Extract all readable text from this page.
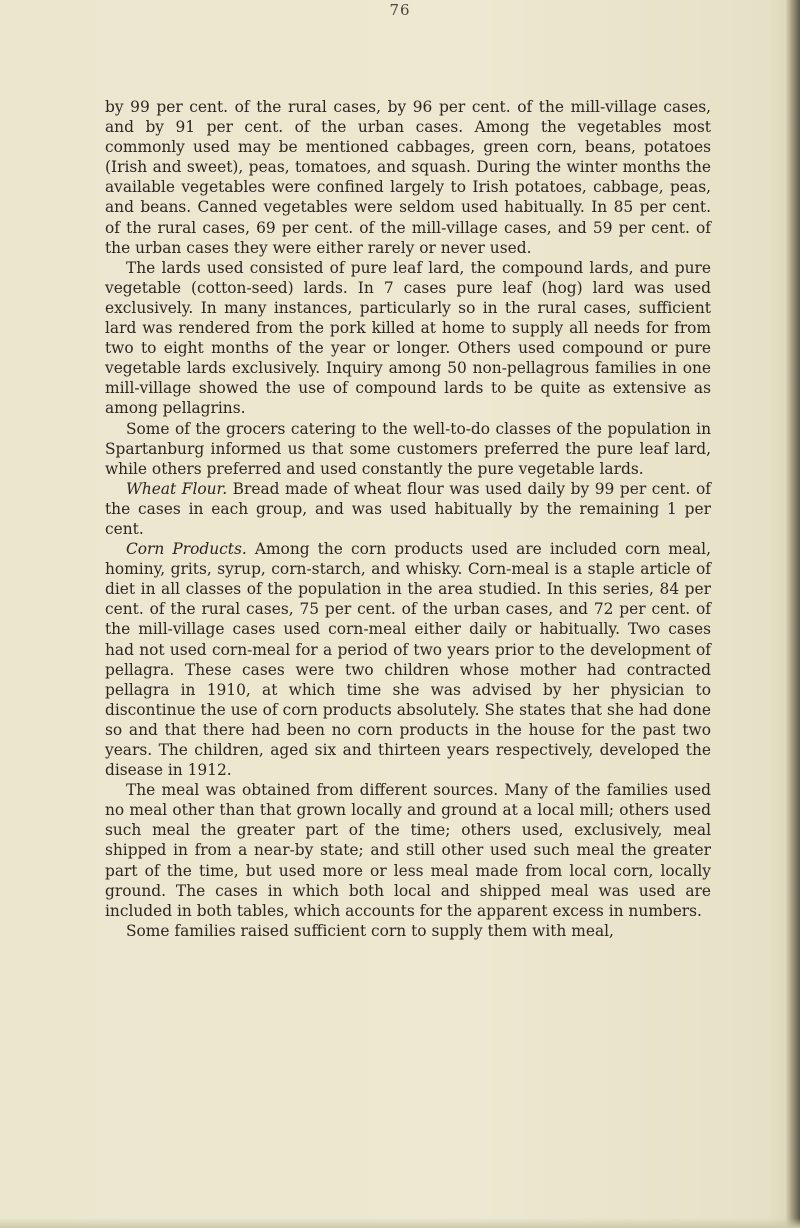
76

by 99 per cent. of the rural cases, by 96 per cent. of the mill-village cases, and by 91 per cent. of the urban cases. Among the vegetables most commonly used may be mentioned cabbages, green corn, beans, potatoes (Irish and sweet), peas, tomatoes, and squash. During the winter months the available vegetables were confined largely to Irish potatoes, cabbage, peas, and beans. Canned vegetables were seldom used habitually. In 85 per cent. of the rural cases, 69 per cent. of the mill-village cases, and 59 per cent. of the urban cases they were either rarely or never used.

The lards used consisted of pure leaf lard, the compound lards, and pure vegetable (cotton-seed) lards. In 7 cases pure leaf (hog) lard was used exclusively. In many instances, particularly so in the rural cases, sufficient lard was rendered from the pork killed at home to supply all needs for from two to eight months of the year or longer. Others used compound or pure vegetable lards exclusively. Inquiry among 50 non-pellagrous families in one mill-village showed the use of compound lards to be quite as extensive as among pellagrins.

Some of the grocers catering to the well-to-do classes of the population in Spartanburg informed us that some customers preferred the pure leaf lard, while others preferred and used constantly the pure vegetable lards.

Wheat Flour. Bread made of wheat flour was used daily by 99 per cent. of the cases in each group, and was used habitually by the remaining 1 per cent.

Corn Products. Among the corn products used are included corn meal, hominy, grits, syrup, corn-starch, and whisky. Corn-meal is a staple article of diet in all classes of the population in the area studied. In this series, 84 per cent. of the rural cases, 75 per cent. of the urban cases, and 72 per cent. of the mill-village cases used corn-meal either daily or habitually. Two cases had not used corn-meal for a period of two years prior to the development of pellagra. These cases were two children whose mother had contracted pellagra in 1910, at which time she was advised by her physician to discontinue the use of corn products absolutely. She states that she had done so and that there had been no corn products in the house for the past two years. The children, aged six and thirteen years respectively, developed the disease in 1912.

The meal was obtained from different sources. Many of the families used no meal other than that grown locally and ground at a local mill; others used such meal the greater part of the time; others used, exclusively, meal shipped in from a near-by state; and still other used such meal the greater part of the time, but used more or less meal made from local corn, locally ground. The cases in which both local and shipped meal was used are included in both tables, which accounts for the apparent excess in numbers.

Some families raised sufficient corn to supply them with meal,
